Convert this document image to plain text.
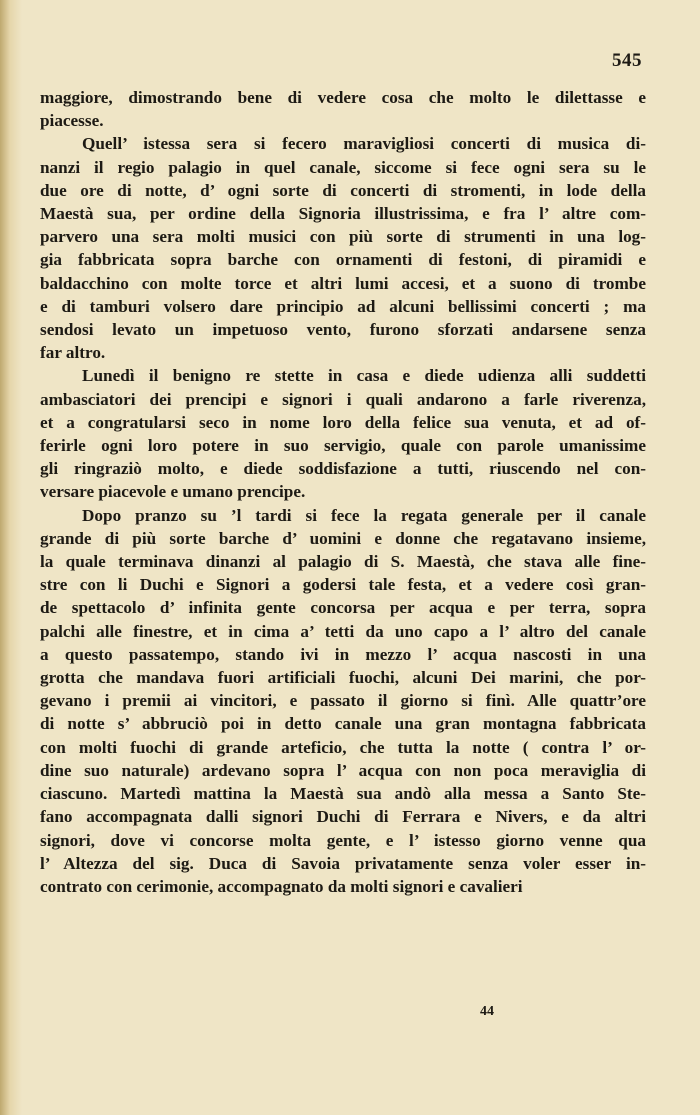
545
maggiore, dimostrando bene di vedere cosa che molto le dilettasse e
piacesse.
Quell’ istessa sera si fecero maravigliosi concerti di musica di-
nanzi il regio palagio in quel canale, siccome si fece ogni sera su le
due ore di notte, d’ ogni sorte di concerti di stromenti, in lode della
Maestà sua, per ordine della Signoria illustrissima, e fra l’ altre com-
parvero una sera molti musici con più sorte di strumenti in una log-
gia fabbricata sopra barche con ornamenti di festoni, di piramidi e
baldacchino con molte torce et altri lumi accesi, et a suono di trombe
e di tamburi volsero dare principio ad alcuni bellissimi concerti ; ma
sendosi levato un impetuoso vento, furono sforzati andarsene senza
far altro.
Lunedì il benigno re stette in casa e diede udienza alli suddetti
ambasciatori dei prencipi e signori i quali andarono a farle riverenza,
et a congratularsi seco in nome loro della felice sua venuta, et ad of-
ferirle ogni loro potere in suo servigio, quale con parole umanissime
gli ringraziò molto, e diede soddisfazione a tutti, riuscendo nel con-
versare piacevole e umano prencipe.
Dopo pranzo su ’l tardi si fece la regata generale per il canale
grande di più sorte barche d’ uomini e donne che regatavano insieme,
la quale terminava dinanzi al palagio di S. Maestà, che stava alle fine-
stre con li Duchi e Signori a godersi tale festa, et a vedere così gran-
de spettacolo d’ infinita gente concorsa per acqua e per terra, sopra
palchi alle finestre, et in cima a’ tetti da uno capo a l’ altro del canale
a questo passatempo, stando ivi in mezzo l’ acqua nascosti in una
grotta che mandava fuori artificiali fuochi, alcuni Dei marini, che por-
gevano i premii ai vincitori, e passato il giorno si finì. Alle quattr’ore
di notte s’ abbruciò poi in detto canale una gran montagna fabbricata
con molti fuochi di grande arteficio, che tutta la notte ( contra l’ or-
dine suo naturale) ardevano sopra l’ acqua con non poca meraviglia di
ciascuno. Martedì mattina la Maestà sua andò alla messa a Santo Ste-
fano accompagnata dalli signori Duchi di Ferrara e Nivers, e da altri
signori, dove vi concorse molta gente, e l’ istesso giorno venne qua
l’ Altezza del sig. Duca di Savoia privatamente senza voler esser in-
contrato con cerimonie, accompagnato da molti signori e cavalieri
44
